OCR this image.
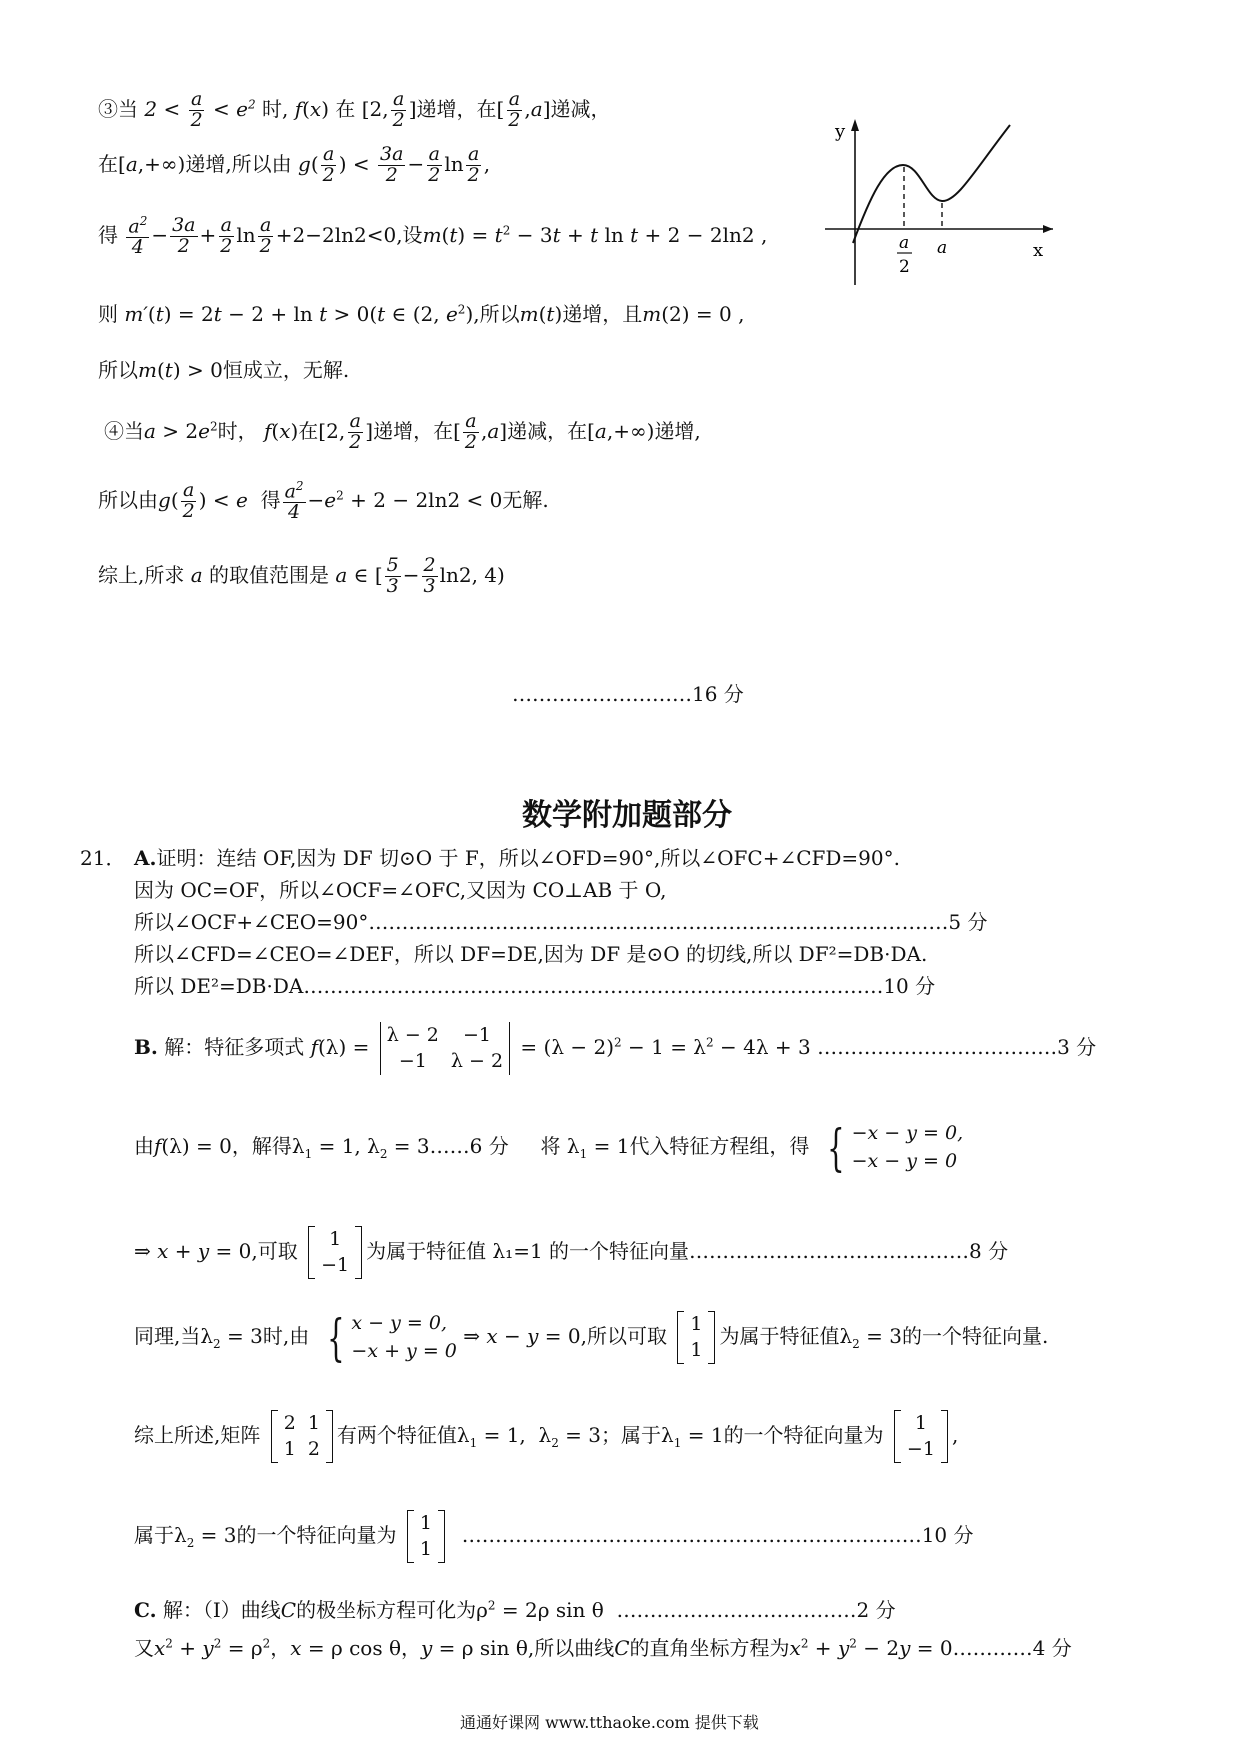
③当 $2 < \frac{a}{2} < e^2$ 时, f(x) 在 [2, $\frac{a}{2}$ ]递增，在[ $\frac{a}{2} ,a$]递减，
在[a,+∞)递增,所以由 $g( \frac{a}{2}$ ) < $\frac{3a}{2} - \frac{a}{2}$ $\ln \frac{a}{2}$ ,
得 $\frac{a^2}{4} - \frac{3a}{2} + \frac{a}{2}$ $\ln \frac{a}{2} +2-2\ln 2<0$,设$m(t) = t^2 - 3t + t$ ln t + 2 − 2ln2 ,
则 m′(t) = 2t − 2 + ln t > 0(t ∈ (2, $e^2$),所以m(t)递增，且m(2) = 0 ,
所以m(t) > 0恒成立，无解.
④当$a > 2e^2$时， f(x)在[2, $\frac{a}{2}$ ]递增，在[ $\frac{a}{2} ,a$]递减，在[a,+∞)递增,
所以由$g( \frac{a}{2}$ ) < e 得 $\frac{a^2}{4} -e^2 + 2 - 2\ln 2 < 0$无解.
综上,所求 a 的取值范围是 a ∈ [ $\frac{5}{3} - \frac{2}{3} \ln 2$, 4)
………………………16 分
y
x
a
2
a
数学附加题部分
21． A.证明：连结 OF,因为 DF 切⊙O 于 F，所以∠OFD=90°,所以∠OFC+∠CFD=90°.
因为 OC=OF，所以∠OCF=∠OFC,又因为 CO⊥AB 于 O,
所以∠OCF+∠CEO=90°……………………………………………………………………………5 分
所以∠CFD=∠CEO=∠DEF，所以 DF=DE,因为 DF 是⊙O 的切线,所以 DF²=DB·DA.
所以 DE²=DB·DA……………………………………………………………………………10 分
B. 解：特征多项式 f(λ) =
λ − 2
−1
−1
λ − 2
= $(\lambda - 2)^2 - 1 = \lambda^2 - 4\lambda + 3$ ………………………………3 分
由f(λ) = 0，解得$\lambda_1 = 1$, $\lambda_2$ = 3……6 分 将 $\lambda_1 = 1$代入特征方程组，得 { −x − y = 0,
−x − y = 0
⇒ x + y = 0,可取
1
−1
为属于特征值 λ₁=1 的一个特征向量……………………………………8 分
同理,当$\lambda_2 = 3$时,由 { x − y = 0,
−x + y = 0
⇒ x − y = 0,所以可取
1
1
为属于特征值$\lambda_2 = 3$的一个特征向量.
综上所述,矩阵
2
1
1
2
有两个特征值$\lambda_1 = 1$,  $\lambda_2 = 3$；属于$\lambda_1 = 1$的一个特征向量为
1
−1
,
属于$\lambda_2 = 3$的一个特征向量为
1
1
……………………………………………………………10 分
C. 解：（Ⅰ）曲线C的极坐标方程可化为$\rho^2 = 2\rho$ sin θ  ………………………………2 分
又$x^2 + y^2 = \rho^2$，x = ρ cos θ，y = ρ sin θ,所以曲线C的直角坐标方程为$x^2 + y^2 - 2y$ = 0…………4 分
通通好课网 www.tthaoke.com 提供下载
